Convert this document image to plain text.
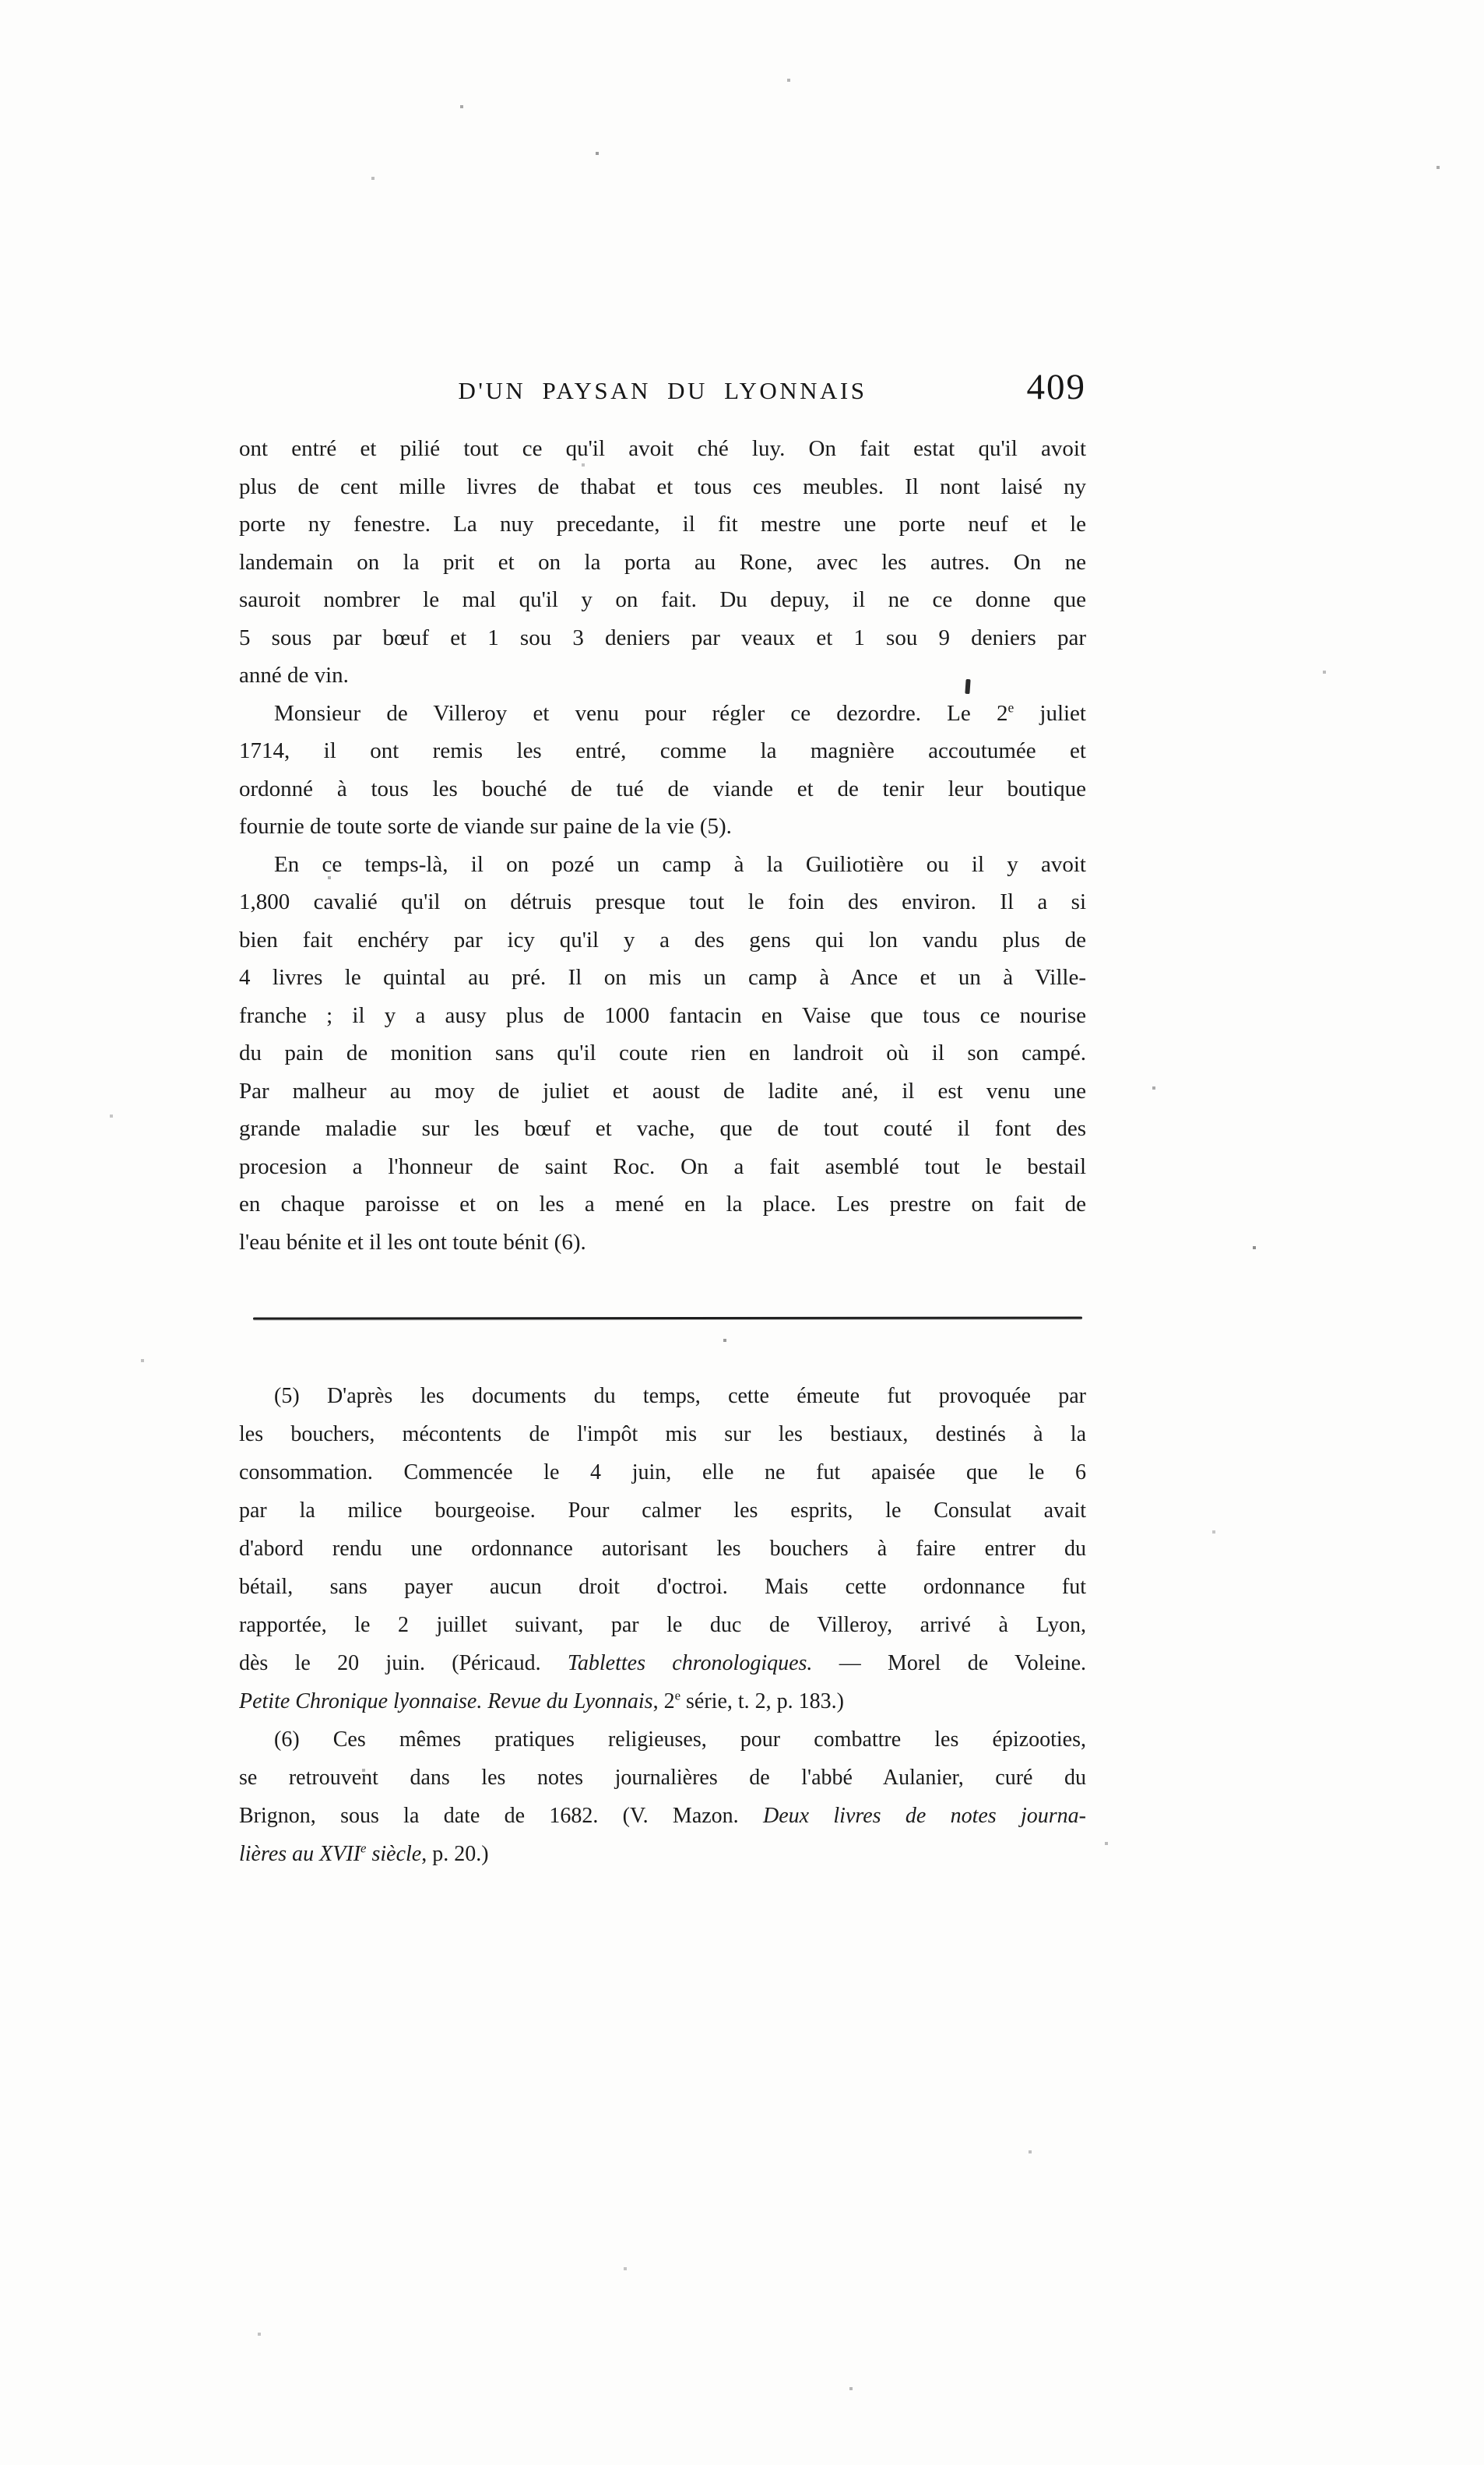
D'UN PAYSAN DU LYONNAIS	409
ont entré et pilié tout ce qu'il avoit ché luy. On fait estat qu'il avoit
plus de cent mille livres de thabat et tous ces meubles. Il nont laisé ny
porte ny fenestre. La nuy precedante, il fit mestre une porte neuf et le
landemain on la prit et on la porta au Rone, avec les autres. On ne
sauroit nombrer le mal qu'il y on fait. Du depuy, il ne ce donne que
5 sous par bœuf et 1 sou 3 deniers par veaux et 1 sou 9 deniers par
anné de vin.
Monsieur de Villeroy et venu pour régler ce dezordre. Le 2e juliet
1714, il ont remis les entré, comme la magnière accoutumée et
ordonné à tous les bouché de tué de viande et de tenir leur boutique
fournie de toute sorte de viande sur paine de la vie (5).
En ce temps-là, il on pozé un camp à la Guiliotière ou il y avoit
1,800 cavalié qu'il on détruis presque tout le foin des environ. Il a si
bien fait enchéry par icy qu'il y a des gens qui lon vandu plus de
4 livres le quintal au pré. Il on mis un camp à Ance et un à Ville-
franche ; il y a ausy plus de 1000 fantacin en Vaise que tous ce nourise
du pain de monition sans qu'il coute rien en landroit où il son campé.
Par malheur au moy de juliet et aoust de ladite ané, il est venu une
grande maladie sur les bœuf et vache, que de tout couté il font des
procesion a l'honneur de saint Roc. On a fait asemblé tout le bestail
en chaque paroisse et on les a mené en la place. Les prestre on fait de
l'eau bénite et il les ont toute bénit (6).
(5) D'après les documents du temps, cette émeute fut provoquée par
les bouchers, mécontents de l'impôt mis sur les bestiaux, destinés à la
consommation. Commencée le 4 juin, elle ne fut apaisée que le 6
par la milice bourgeoise. Pour calmer les esprits, le Consulat avait
d'abord rendu une ordonnance autorisant les bouchers à faire entrer du
bétail, sans payer aucun droit d'octroi. Mais cette ordonnance fut
rapportée, le 2 juillet suivant, par le duc de Villeroy, arrivé à Lyon,
dès le 20 juin. (Péricaud. Tablettes chronologiques. — Morel de Voleine.
Petite Chronique lyonnaise. Revue du Lyonnais, 2e série, t. 2, p. 183.)
(6) Ces mêmes pratiques religieuses, pour combattre les épizooties,
se retrouvent dans les notes journalières de l'abbé Aulanier, curé du
Brignon, sous la date de 1682. (V. Mazon. Deux livres de notes journa-
lières au XVIIe siècle, p. 20.)
